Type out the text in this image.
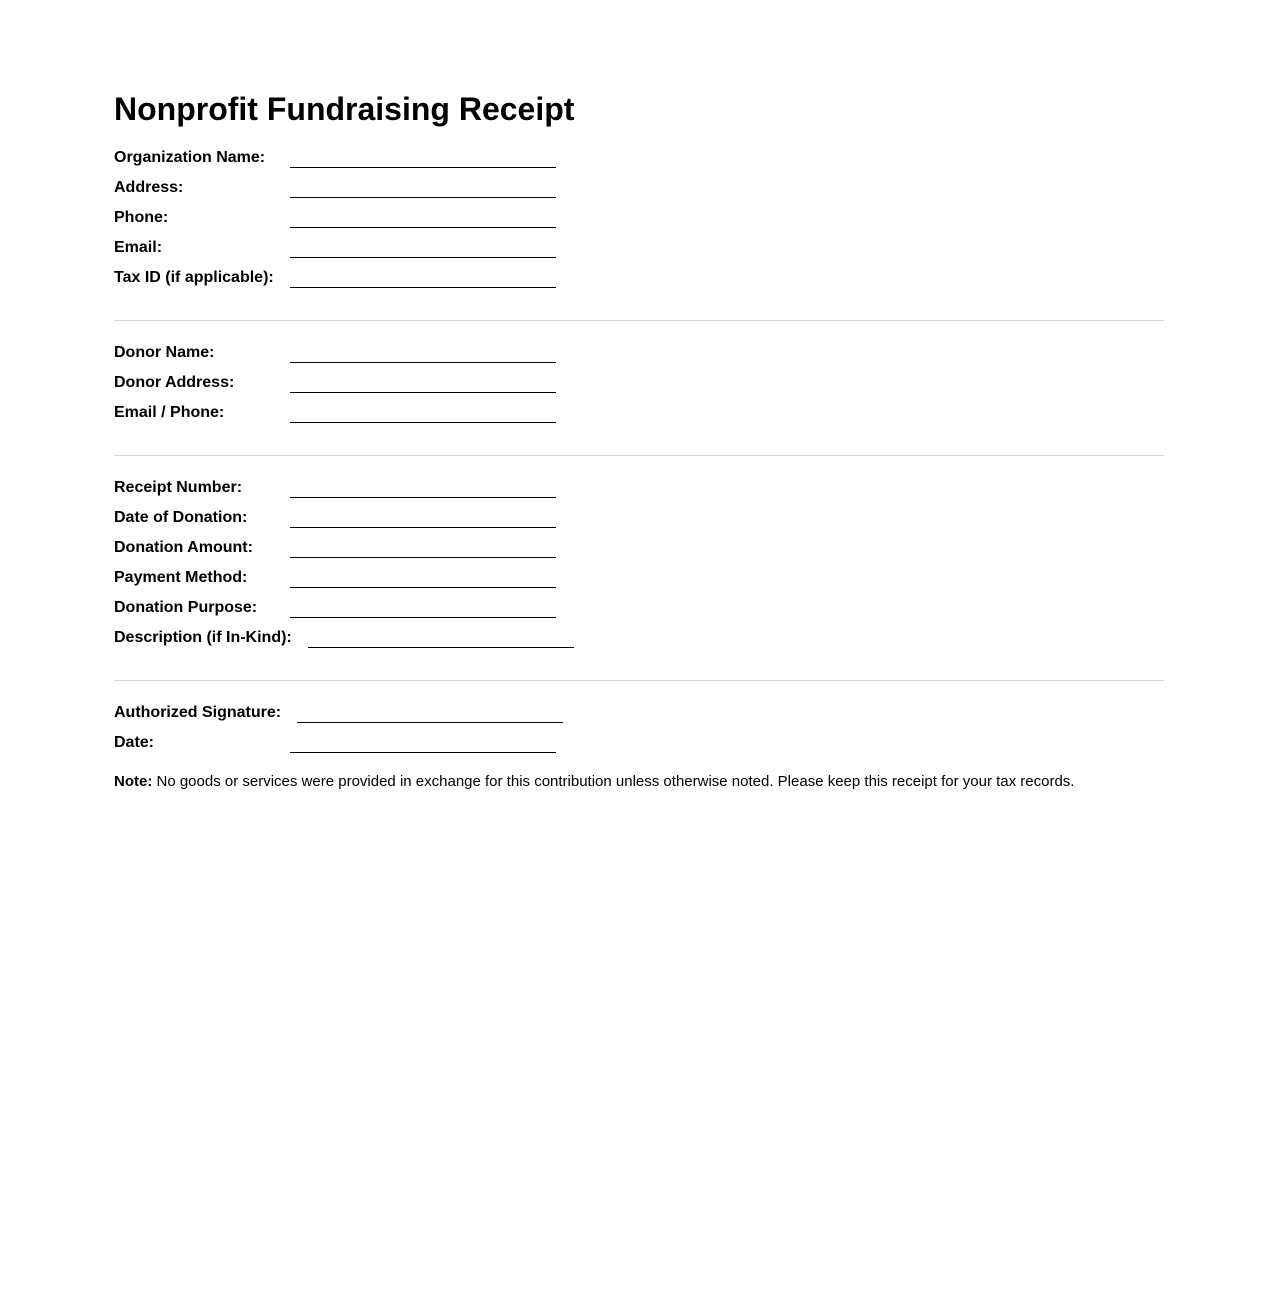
Nonprofit Fundraising Receipt
Organization Name:
Address:
Phone:
Email:
Tax ID (if applicable):
Donor Name:
Donor Address:
Email / Phone:
Receipt Number:
Date of Donation:
Donation Amount:
Payment Method:
Donation Purpose:
Description (if In-Kind):
Authorized Signature:
Date:

Note: No goods or services were provided in exchange for this contribution unless otherwise noted. Please keep this receipt for your tax records.
